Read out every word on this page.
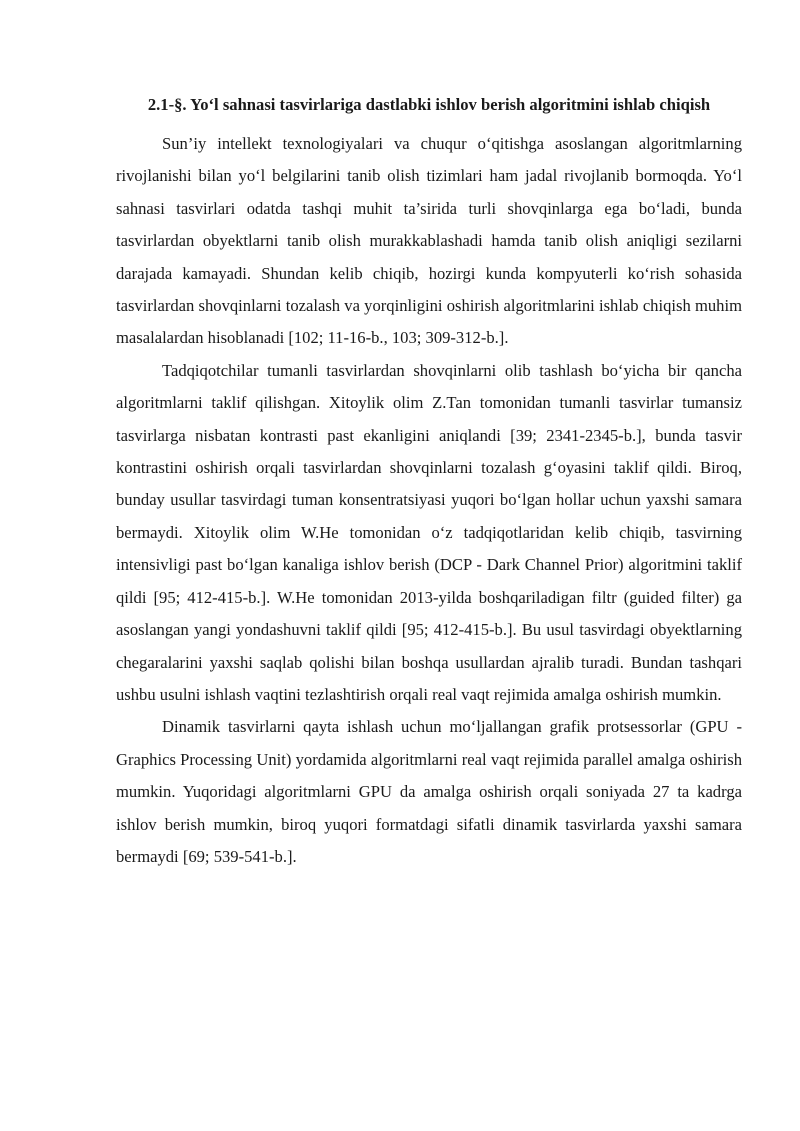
2.1-§. Yo‘l sahnasi tasvirlariga dastlabki ishlov berish algoritmini ishlab chiqish

Sun’iy intellekt texnologiyalari va chuqur o‘qitishga asoslangan algoritmlarning rivojlanishi bilan yo‘l belgilarini tanib olish tizimlari ham jadal rivojlanib bormoqda. Yo‘l sahnasi tasvirlari odatda tashqi muhit ta’sirida turli shovqinlarga ega bo‘ladi, bunda tasvirlardan obyektlarni tanib olish murakkablashadi hamda tanib olish aniqligi sezilarni darajada kamayadi. Shundan kelib chiqib, hozirgi kunda kompyuterli ko‘rish sohasida tasvirlardan shovqinlarni tozalash va yorqinligini oshirish algoritmlarini ishlab chiqish muhim masalalardan hisoblanadi [102; 11-16-b., 103; 309-312-b.].

Tadqiqotchilar tumanli tasvirlardan shovqinlarni olib tashlash bo‘yicha bir qancha algoritmlarni taklif qilishgan. Xitoylik olim Z.Tan tomonidan tumanli tasvirlar tumansiz tasvirlarga nisbatan kontrasti past ekanligini aniqlandi [39; 2341-2345-b.], bunda tasvir kontrastini oshirish orqali tasvirlardan shovqinlarni tozalash g‘oyasini taklif qildi. Biroq, bunday usullar tasvirdagi tuman konsentratsiyasi yuqori bo‘lgan hollar uchun yaxshi samara bermaydi. Xitoylik olim W.He tomonidan o‘z tadqiqotlaridan kelib chiqib, tasvirning intensivligi past bo‘lgan kanaliga ishlov berish (DCP - Dark Channel Prior) algoritmini taklif qildi [95; 412-415-b.]. W.He tomonidan 2013-yilda boshqariladigan filtr (guided filter) ga asoslangan yangi yondashuvni taklif qildi [95; 412-415-b.]. Bu usul tasvirdagi obyektlarning chegaralarini yaxshi saqlab qolishi bilan boshqa usullardan ajralib turadi. Bundan tashqari ushbu usulni ishlash vaqtini tezlashtirish orqali real vaqt rejimida amalga oshirish mumkin.

Dinamik tasvirlarni qayta ishlash uchun mo‘ljallangan grafik protsessorlar (GPU - Graphics Processing Unit) yordamida algoritmlarni real vaqt rejimida parallel amalga oshirish mumkin. Yuqoridagi algoritmlarni GPU da amalga oshirish orqali soniyada 27 ta kadrga ishlov berish mumkin, biroq yuqori formatdagi sifatli dinamik tasvirlarda yaxshi samara bermaydi [69; 539-541-b.].
